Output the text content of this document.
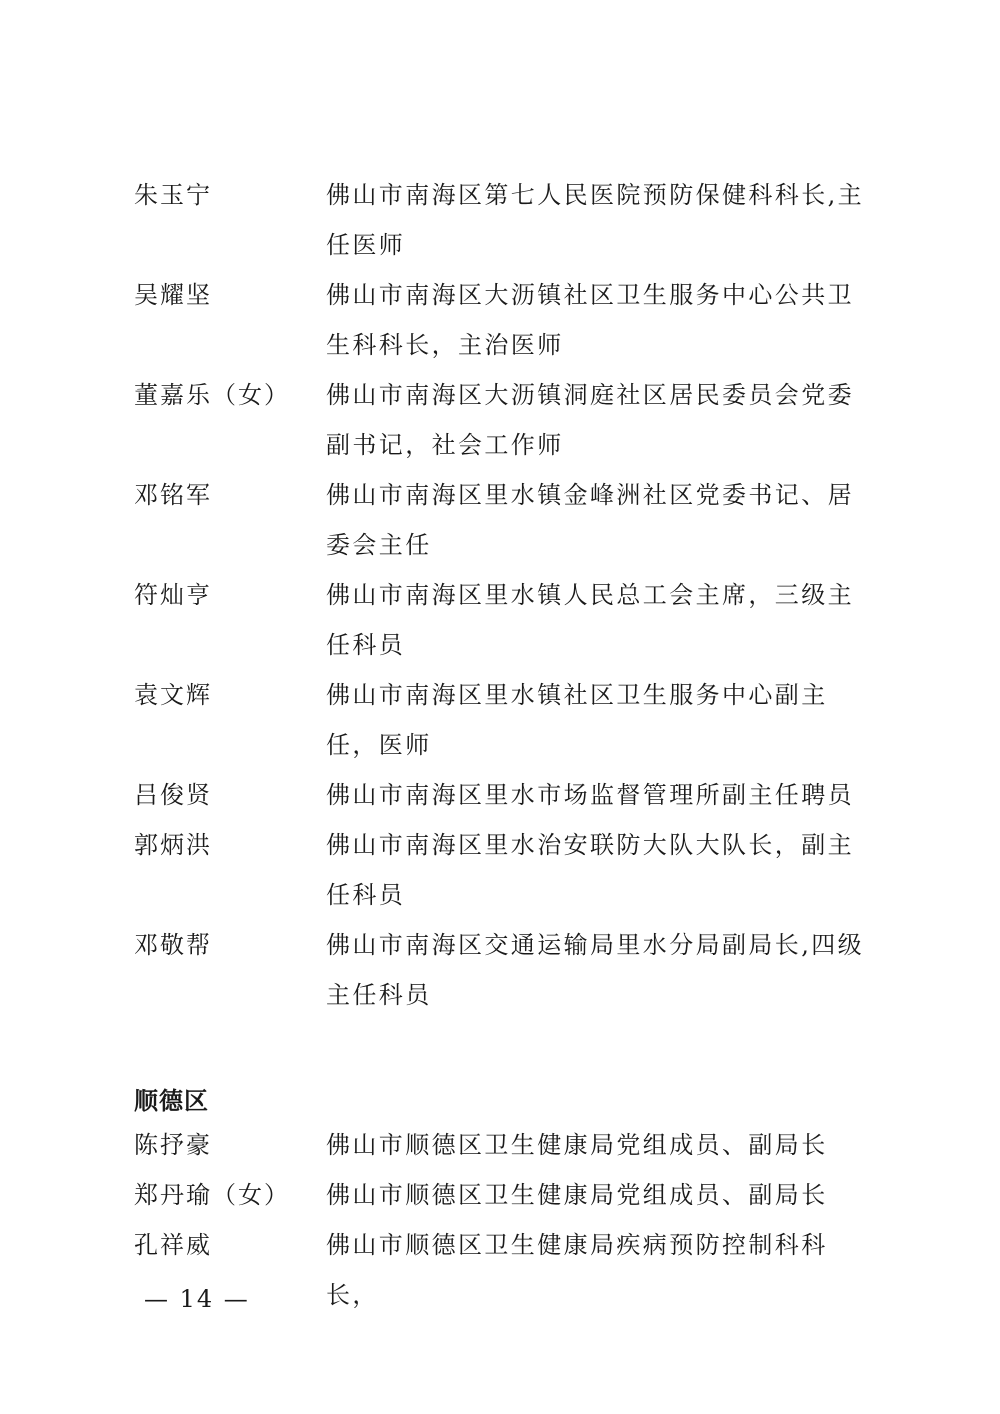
朱玉宁	佛山市南海区第七人民医院预防保健科科长,主任医师
吴耀坚	佛山市南海区大沥镇社区卫生服务中心公共卫生科科长，主治医师
董嘉乐（女）	佛山市南海区大沥镇洞庭社区居民委员会党委副书记，社会工作师
邓铭军	佛山市南海区里水镇金峰洲社区党委书记、居委会主任
符灿亨	佛山市南海区里水镇人民总工会主席，三级主任科员
袁文辉	佛山市南海区里水镇社区卫生服务中心副主任，医师
吕俊贤	佛山市南海区里水市场监督管理所副主任聘员
郭炳洪	佛山市南海区里水治安联防大队大队长，副主任科员
邓敬帮	佛山市南海区交通运输局里水分局副局长,四级主任科员
顺德区
陈抒豪	佛山市顺德区卫生健康局党组成员、副局长
郑丹瑜（女）	佛山市顺德区卫生健康局党组成员、副局长
孔祥威	佛山市顺德区卫生健康局疾病预防控制科科长，
— 14 —
